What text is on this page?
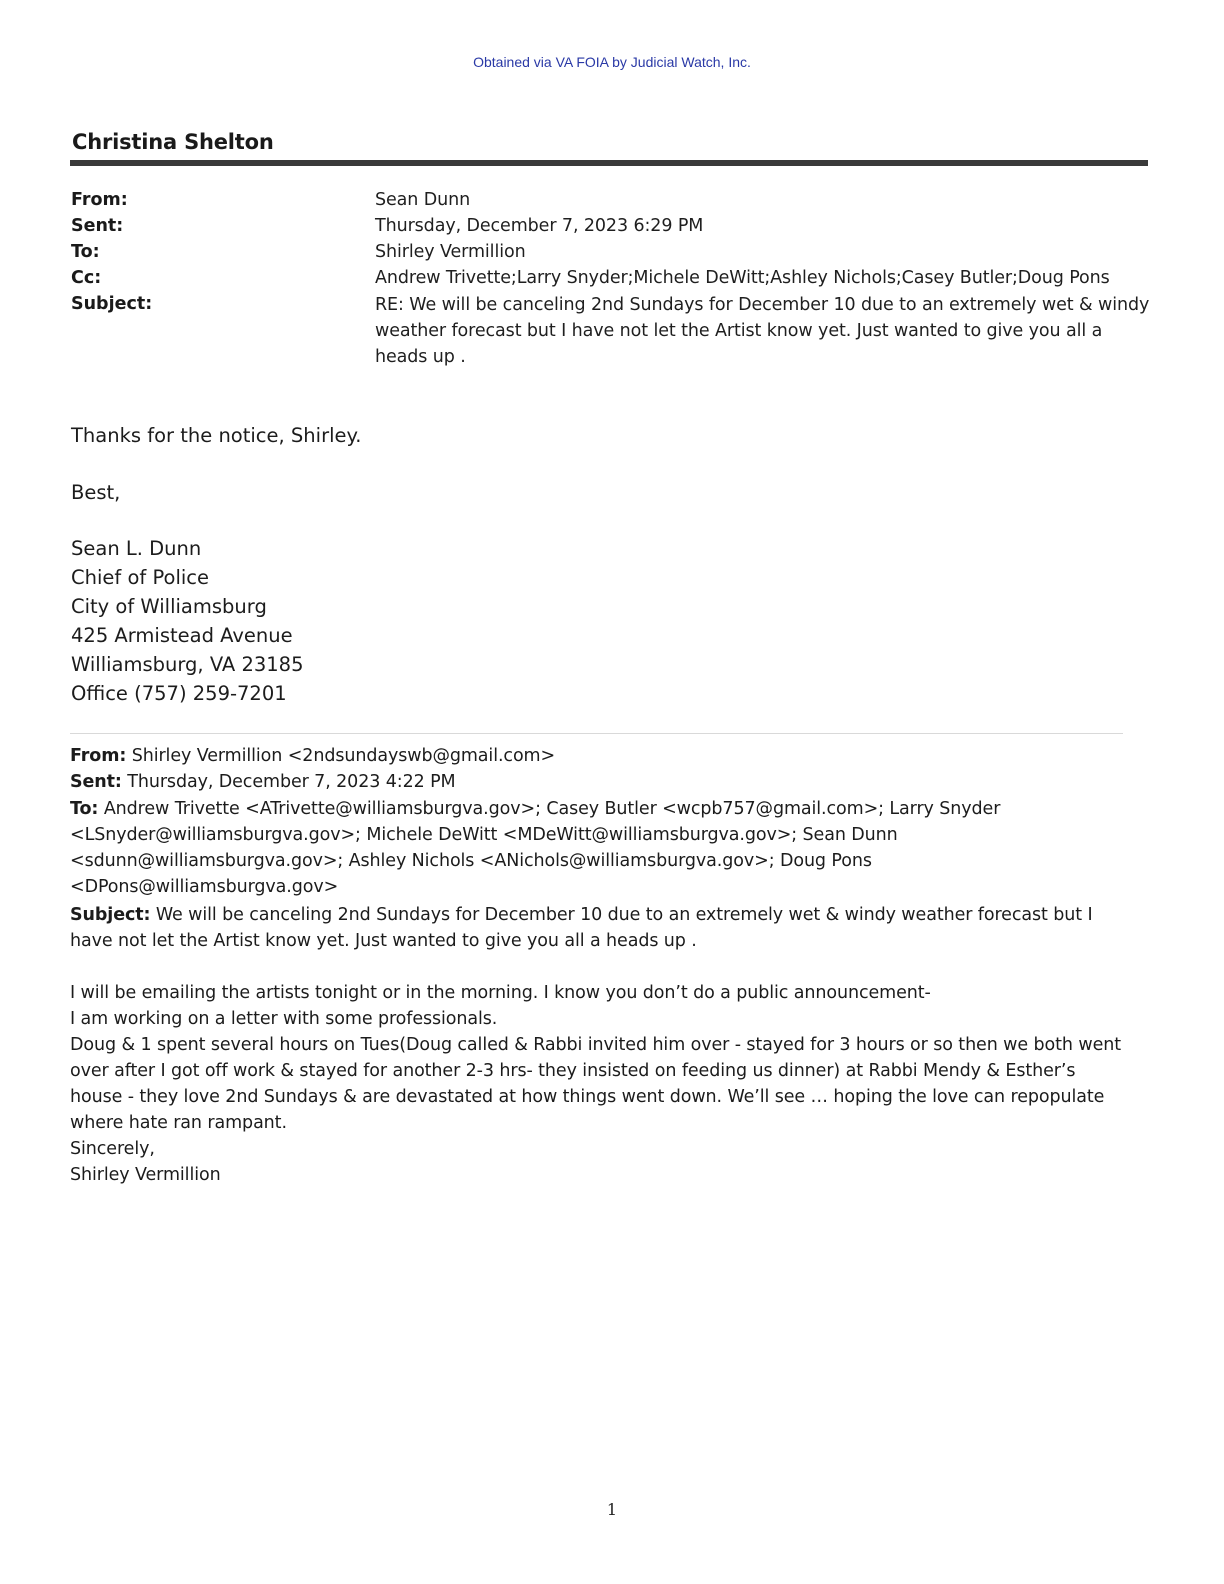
Obtained via VA FOIA by Judicial Watch, Inc.
Christina Shelton
From:
Sent:
To:
Cc:
Subject:
Sean Dunn
Thursday, December 7, 2023 6:29 PM
Shirley Vermillion
Andrew Trivette;Larry Snyder;Michele DeWitt;Ashley Nichols;Casey Butler;Doug Pons
RE: We will be canceling 2nd Sundays for December 10 due to an extremely wet & windy weather forecast but I have not let the Artist know yet. Just wanted to give you all a heads up .
Thanks for the notice, Shirley.
Best,
Sean L. Dunn
Chief of Police
City of Williamsburg
425 Armistead Avenue
Williamsburg, VA 23185
Office (757) 259-7201
From: Shirley Vermillion <2ndsundayswb@gmail.com>
Sent: Thursday, December 7, 2023 4:22 PM
To: Andrew Trivette <ATrivette@williamsburgva.gov>; Casey Butler <wcpb757@gmail.com>; Larry Snyder <LSnyder@williamsburgva.gov>; Michele DeWitt <MDeWitt@williamsburgva.gov>; Sean Dunn <sdunn@williamsburgva.gov>; Ashley Nichols <ANichols@williamsburgva.gov>; Doug Pons <DPons@williamsburgva.gov>
Subject: We will be canceling 2nd Sundays for December 10 due to an extremely wet & windy weather forecast but I have not let the Artist know yet. Just wanted to give you all a heads up .
I will be emailing the artists tonight or in the morning. I know you don’t do a public announcement-
I am working on a letter with some professionals.
Doug & 1 spent several hours on Tues(Doug called & Rabbi invited him over - stayed for 3 hours or so then we both went over after I got off work & stayed for another 2-3 hrs- they insisted on feeding us dinner) at Rabbi Mendy & Esther’s house - they love 2nd Sundays & are devastated at how things went down. We’ll see … hoping the love can repopulate where hate ran rampant.
Sincerely,
Shirley Vermillion
1
